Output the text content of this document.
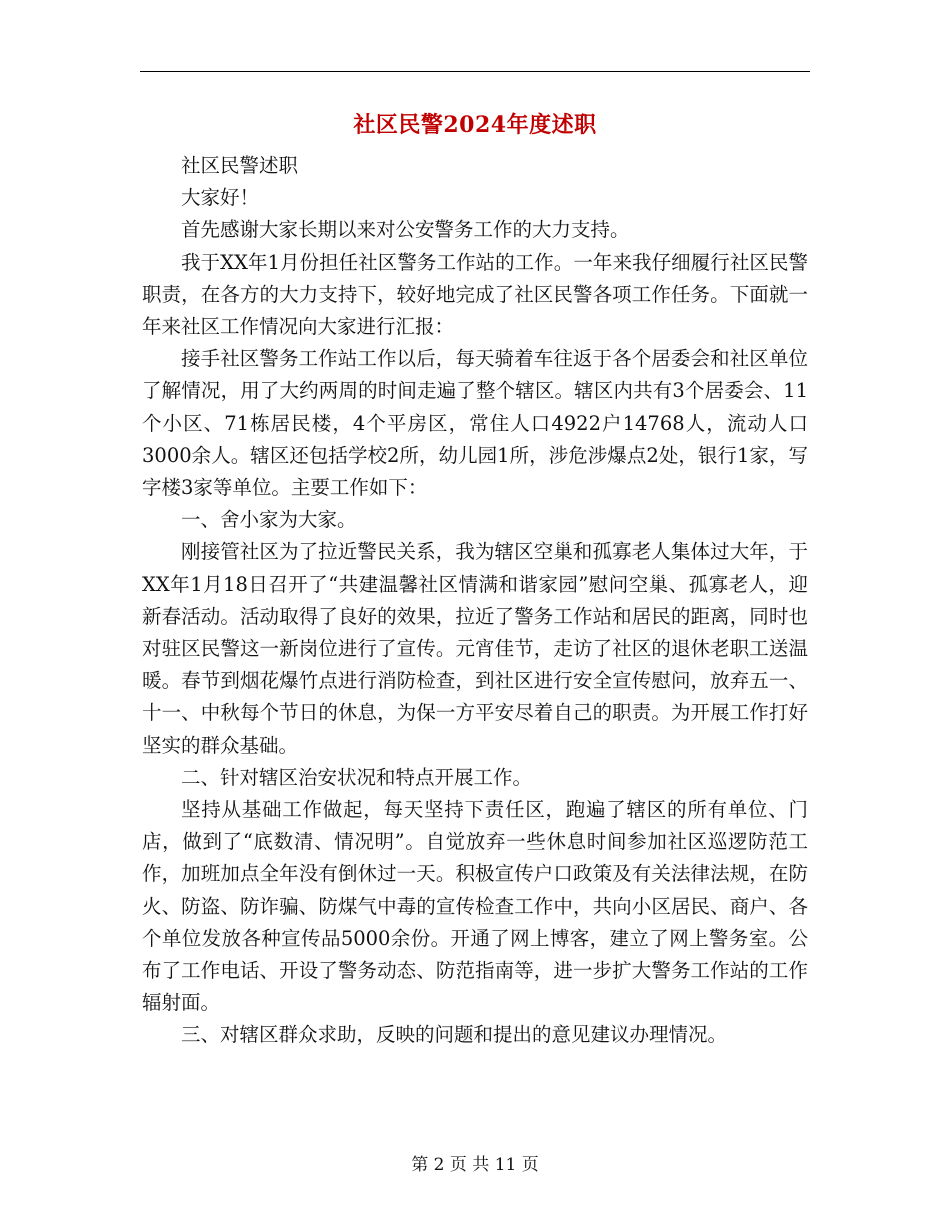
社区民警2024年度述职

社区民警述职

大家好！

首先感谢大家长期以来对公安警务工作的大力支持。

我于XX年1月份担任社区警务工作站的工作。一年来我仔细履行社区民警职责，在各方的大力支持下，较好地完成了社区民警各项工作任务。下面就一年来社区工作情况向大家进行汇报：

接手社区警务工作站工作以后，每天骑着车往返于各个居委会和社区单位了解情况，用了大约两周的时间走遍了整个辖区。辖区内共有3个居委会、11个小区、71栋居民楼，4个平房区，常住人口4922户14768人，流动人口3000余人。辖区还包括学校2所，幼儿园1所，涉危涉爆点2处，银行1家，写字楼3家等单位。主要工作如下：

一、舍小家为大家。

刚接管社区为了拉近警民关系，我为辖区空巢和孤寡老人集体过大年，于XX年1月18日召开了“共建温馨社区情满和谐家园”慰问空巢、孤寡老人，迎新春活动。活动取得了良好的效果，拉近了警务工作站和居民的距离，同时也对驻区民警这一新岗位进行了宣传。元宵佳节，走访了社区的退休老职工送温暖。春节到烟花爆竹点进行消防检查，到社区进行安全宣传慰问，放弃五一、十一、中秋每个节日的休息，为保一方平安尽着自己的职责。为开展工作打好坚实的群众基础。

二、针对辖区治安状况和特点开展工作。

坚持从基础工作做起，每天坚持下责任区，跑遍了辖区的所有单位、门店，做到了“底数清、情况明”。自觉放弃一些休息时间参加社区巡逻防范工作，加班加点全年没有倒休过一天。积极宣传户口政策及有关法律法规，在防火、防盗、防诈骗、防煤气中毒的宣传检查工作中，共向小区居民、商户、各个单位发放各种宣传品5000余份。开通了网上博客，建立了网上警务室。公布了工作电话、开设了警务动态、防范指南等，进一步扩大警务工作站的工作辐射面。

三、对辖区群众求助，反映的问题和提出的意见建议办理情况。

第 2 页 共 11 页
